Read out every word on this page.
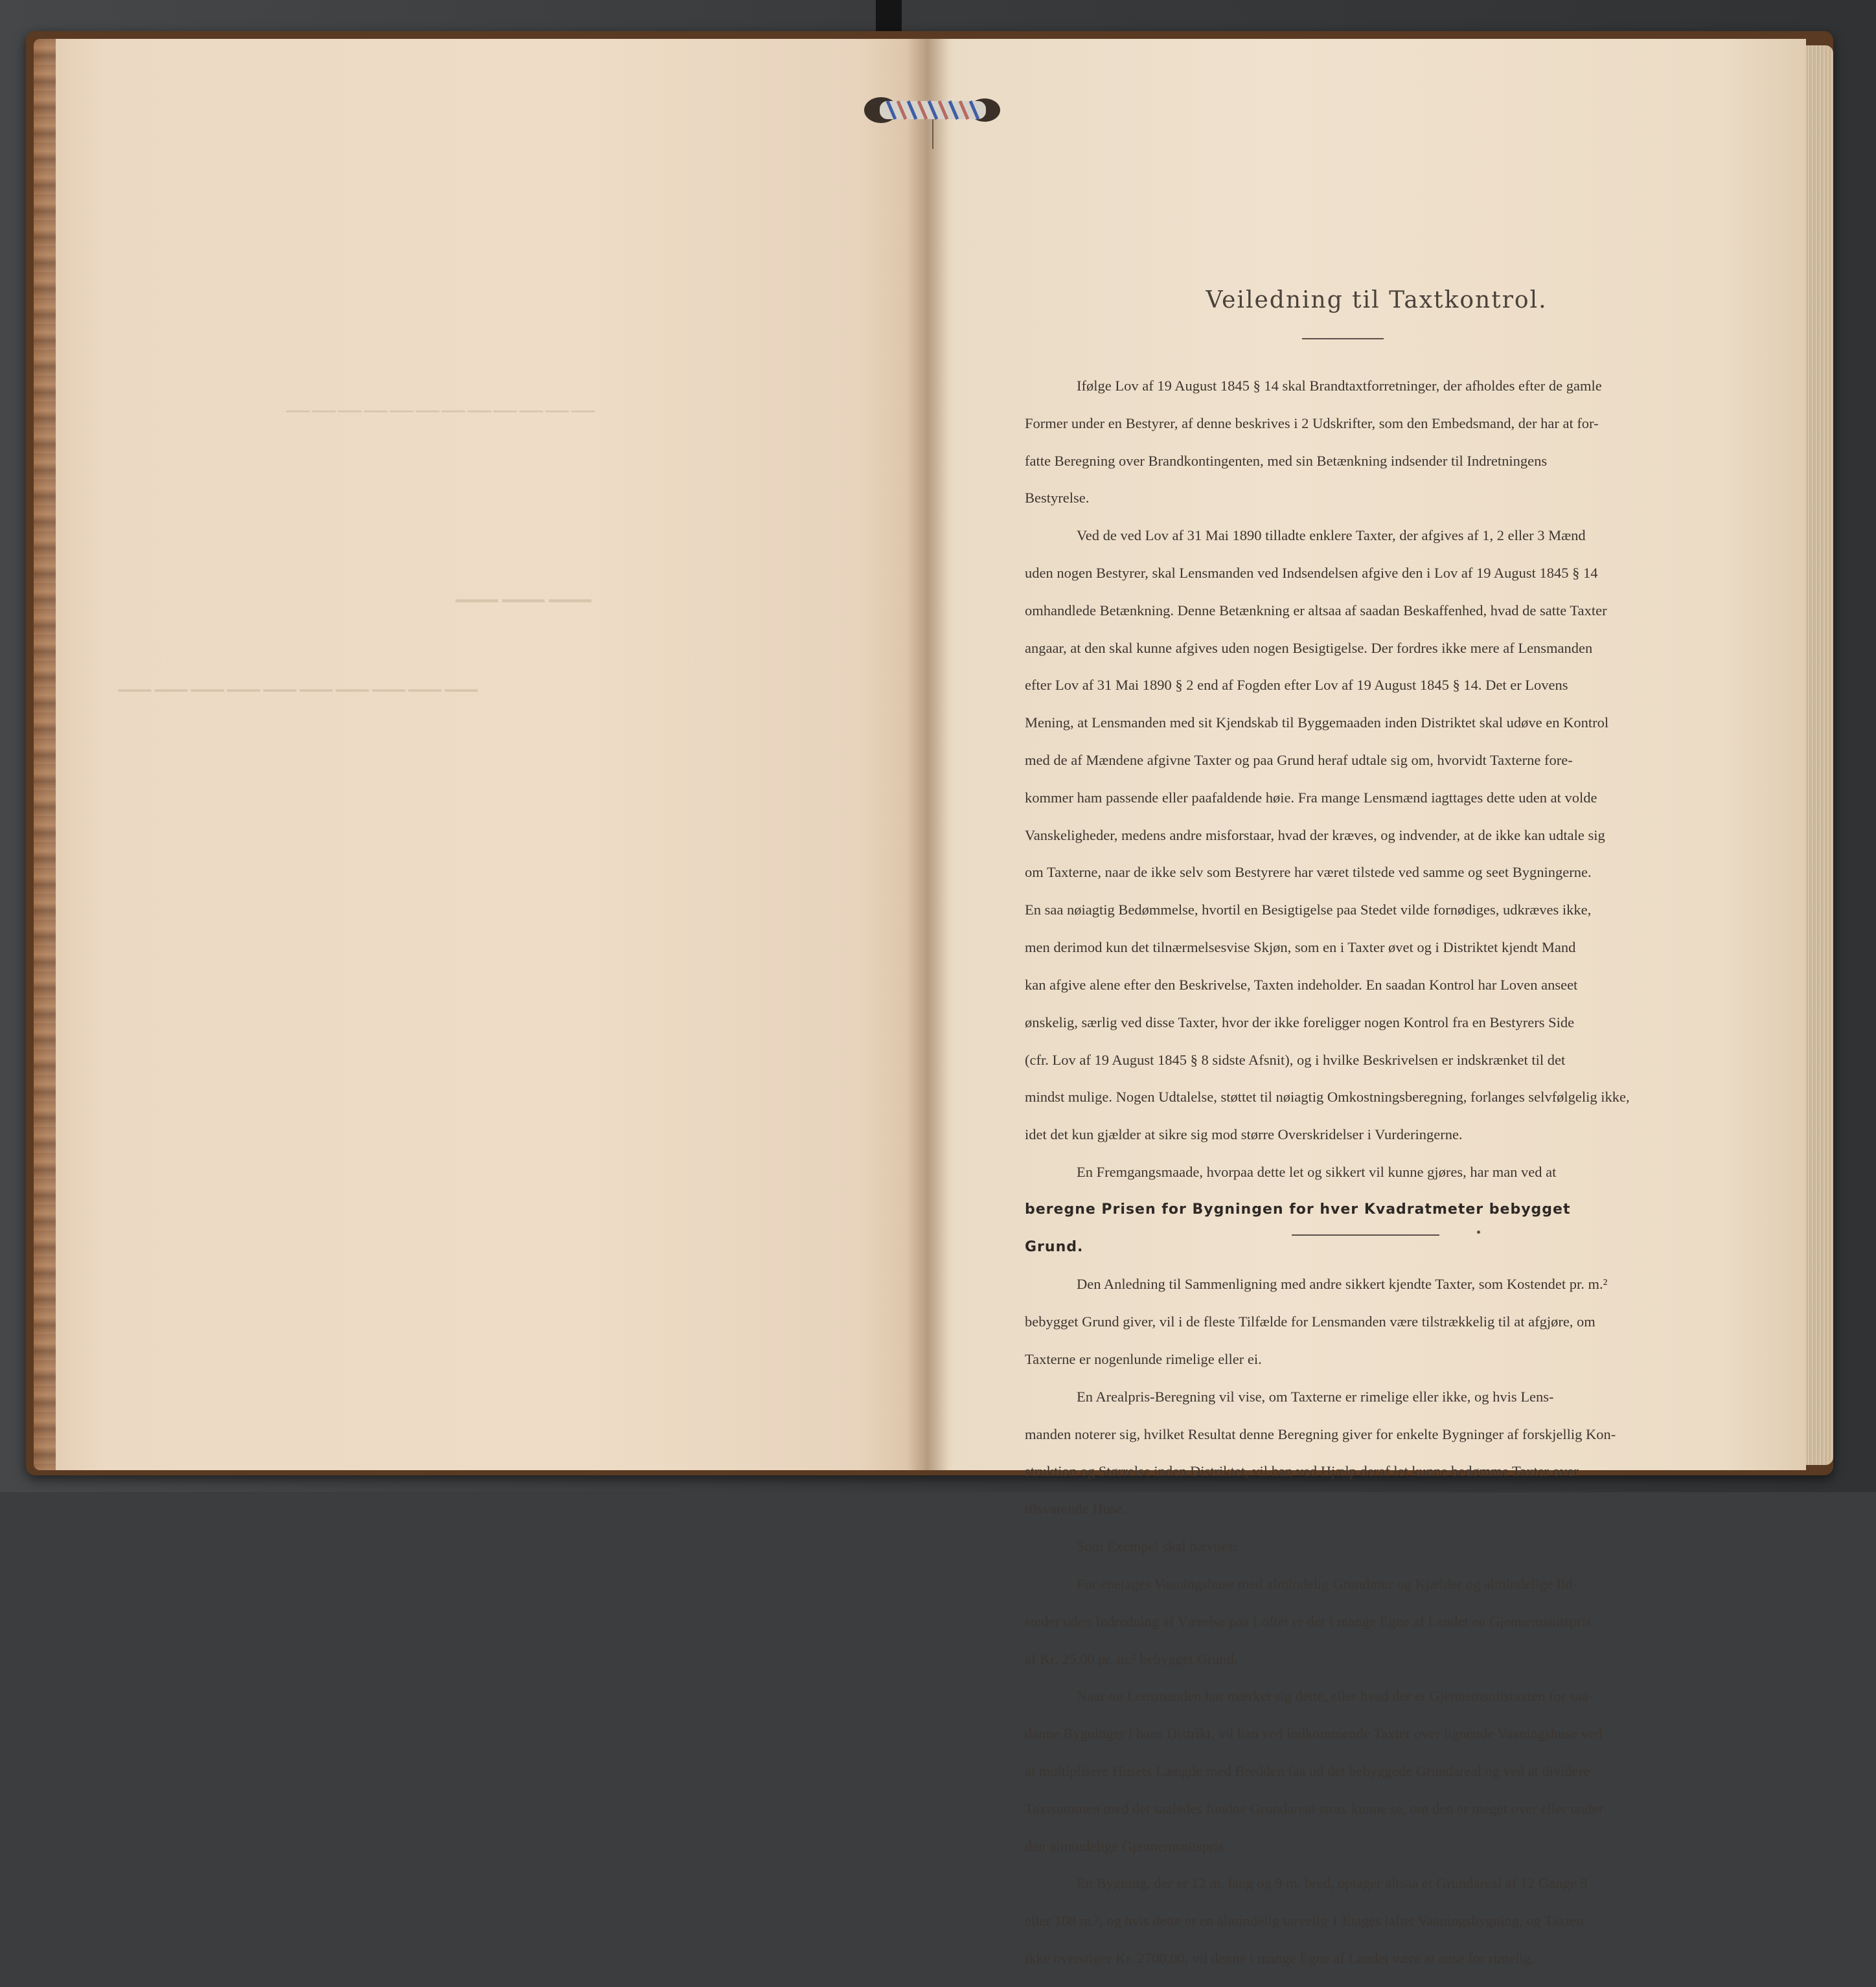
———
——————————
————————————
Veiledning til Taxtkontrol.

Ifølge Lov af 19 August 1845 § 14 skal Brandtaxtforretninger, der afholdes efter de gamle

Former under en Bestyrer, af denne beskrives i 2 Udskrifter, som den Embedsmand, der har at for-

fatte Beregning over Brandkontingenten, med sin Betænkning indsender til Indretningens

Bestyrelse.

Ved de ved Lov af 31 Mai 1890 tilladte enklere Taxter, der afgives af 1, 2 eller 3 Mænd

uden nogen Bestyrer, skal Lensmanden ved Indsendelsen afgive den i Lov af 19 August 1845 § 14

omhandlede Betænkning. Denne Betænkning er altsaa af saadan Beskaffenhed, hvad de satte Taxter

angaar, at den skal kunne afgives uden nogen Besigtigelse. Der fordres ikke mere af Lensmanden

efter Lov af 31 Mai 1890 § 2 end af Fogden efter Lov af 19 August 1845 § 14. Det er Lovens

Mening, at Lensmanden med sit Kjendskab til Byggemaaden inden Distriktet skal udøve en Kontrol

med de af Mændene afgivne Taxter og paa Grund heraf udtale sig om, hvorvidt Taxterne fore-

kommer ham passende eller paafaldende høie. Fra mange Lensmænd iagttages dette uden at volde

Vanskeligheder, medens andre misforstaar, hvad der kræves, og indvender, at de ikke kan udtale sig

om Taxterne, naar de ikke selv som Bestyrere har været tilstede ved samme og seet Bygningerne.

En saa nøiagtig Bedømmelse, hvortil en Besigtigelse paa Stedet vilde fornødiges, udkræves ikke,

men derimod kun det tilnærmelsesvise Skjøn, som en i Taxter øvet og i Distriktet kjendt Mand

kan afgive alene efter den Beskrivelse, Taxten indeholder. En saadan Kontrol har Loven anseet

ønskelig, særlig ved disse Taxter, hvor der ikke foreligger nogen Kontrol fra en Bestyrers Side

(cfr. Lov af 19 August 1845 § 8 sidste Afsnit), og i hvilke Beskrivelsen er indskrænket til det

mindst mulige. Nogen Udtalelse, støttet til nøiagtig Omkostningsberegning, forlanges selvfølgelig ikke,

idet det kun gjælder at sikre sig mod større Overskridelser i Vurderingerne.

En Fremgangsmaade, hvorpaa dette let og sikkert vil kunne gjøres, har man ved at

beregne Prisen for Bygningen for hver Kvadratmeter bebygget

Grund.

Den Anledning til Sammenligning med andre sikkert kjendte Taxter, som Kostendet pr. m.²

bebygget Grund giver, vil i de fleste Tilfælde for Lensmanden være tilstrækkelig til at afgjøre, om

Taxterne er nogenlunde rimelige eller ei.

En Arealpris-Beregning vil vise, om Taxterne er rimelige eller ikke, og hvis Lens-

manden noterer sig, hvilket Resultat denne Beregning giver for enkelte Bygninger af forskjellig Kon-

struktion og Størrelse inden Distriktet, vil han ved Hjælp deraf let kunne bedømme Taxter over

tilsvarende Huse.

Som Exempel skal nævnes:

For enetages Vaaningshuse med almindelig Grundmur og Kjælder og almindelige Ild-

steder uden Indredning af Værelse paa Loftet er der i mange Egne af Landet en Gjennemsnitspris

af Kr. 25,00 pr. m.² bebygget Grund.

Naar nu Lensmanden har mærket sig dette, eller hvad der er Gjennemsnitstaxten for saa-

danne Bygninger i hans Distrikt, vil han ved indkommende Taxter over lignende Vaaningshuse ved

at multiplisere Husets Længde med Bredden faa ud det bebyggede Grundareal og ved at dividere

Taxtsummen med det saaledes fundne Grundareal strax kunne se, om den er meget over eller under

den almindelige Gjennemsnitspris.

En Bygning, der er 12 m. lang og 9 m. bred, optager altsaa et Grundareal af 12 Gange 9

eller 108 m.², og hvis dette er en almindelig tarvelig 1 Etages laftet Vaaningsbygning, og Taxten

ikke overstiger Kr. 2700,00, vil denne i mange Egne af Landet være at anse for rimelig.
